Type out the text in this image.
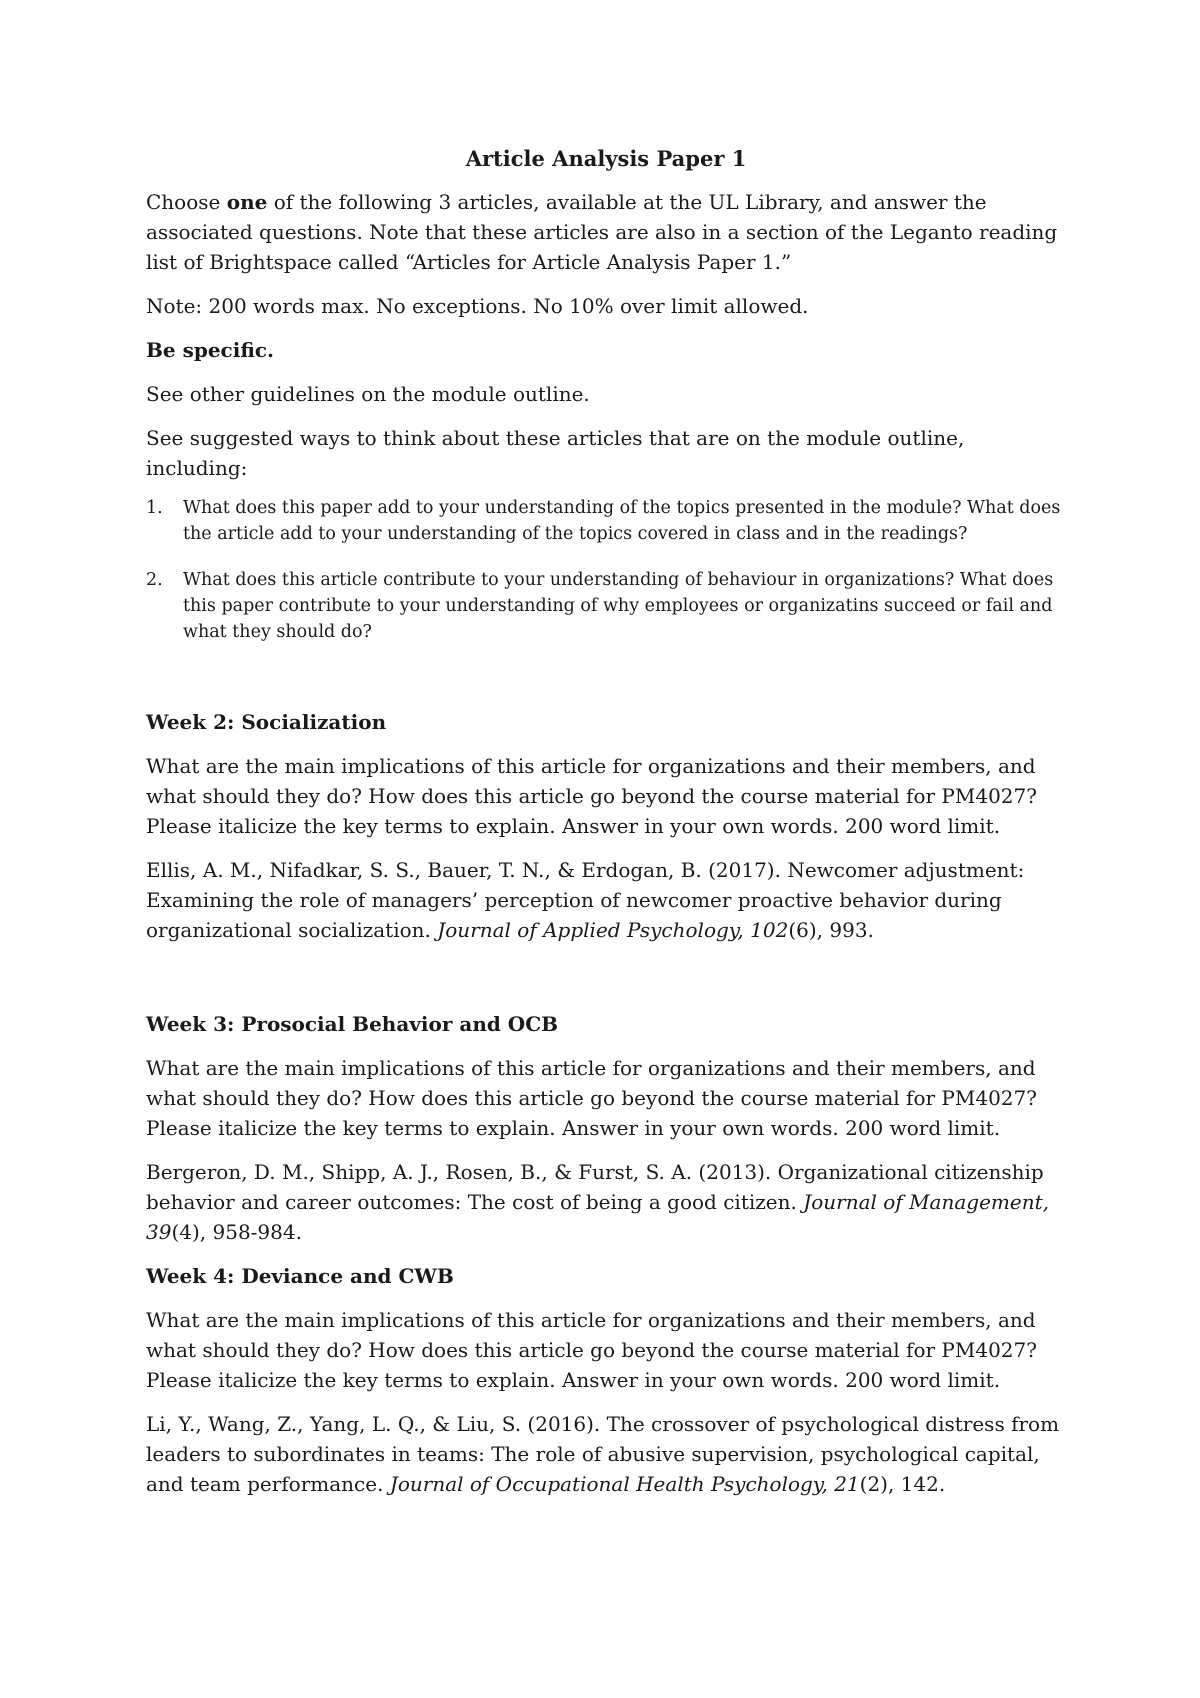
Article Analysis Paper 1

Choose one of the following 3 articles, available at the UL Library, and answer the associated questions. Note that these articles are also in a section of the Leganto reading list of Brightspace called “Articles for Article Analysis Paper 1.”

Note: 200 words max. No exceptions. No 10% over limit allowed.

Be specific.

See other guidelines on the module outline.

See suggested ways to think about these articles that are on the module outline, including:

1. What does this paper add to your understanding of the topics presented in the module? What does the article add to your understanding of the topics covered in class and in the readings?
2. What does this article contribute to your understanding of behaviour in organizations? What does this paper contribute to your understanding of why employees or organizatins succeed or fail and what they should do?
Week 2: Socialization

What are the main implications of this article for organizations and their members, and what should they do? How does this article go beyond the course material for PM4027? Please italicize the key terms to explain. Answer in your own words. 200 word limit.

Ellis, A. M., Nifadkar, S. S., Bauer, T. N., & Erdogan, B. (2017). Newcomer adjustment: Examining the role of managers’ perception of newcomer proactive behavior during organizational socialization. Journal of Applied Psychology, 102(6), 993.

Week 3: Prosocial Behavior and OCB

What are the main implications of this article for organizations and their members, and what should they do? How does this article go beyond the course material for PM4027? Please italicize the key terms to explain. Answer in your own words. 200 word limit.

Bergeron, D. M., Shipp, A. J., Rosen, B., & Furst, S. A. (2013). Organizational citizenship behavior and career outcomes: The cost of being a good citizen. Journal of Management, 39(4), 958-984.

Week 4: Deviance and CWB

What are the main implications of this article for organizations and their members, and what should they do? How does this article go beyond the course material for PM4027? Please italicize the key terms to explain. Answer in your own words. 200 word limit.

Li, Y., Wang, Z., Yang, L. Q., & Liu, S. (2016). The crossover of psychological distress from leaders to subordinates in teams: The role of abusive supervision, psychological capital, and team performance. Journal of Occupational Health Psychology, 21(2), 142.
